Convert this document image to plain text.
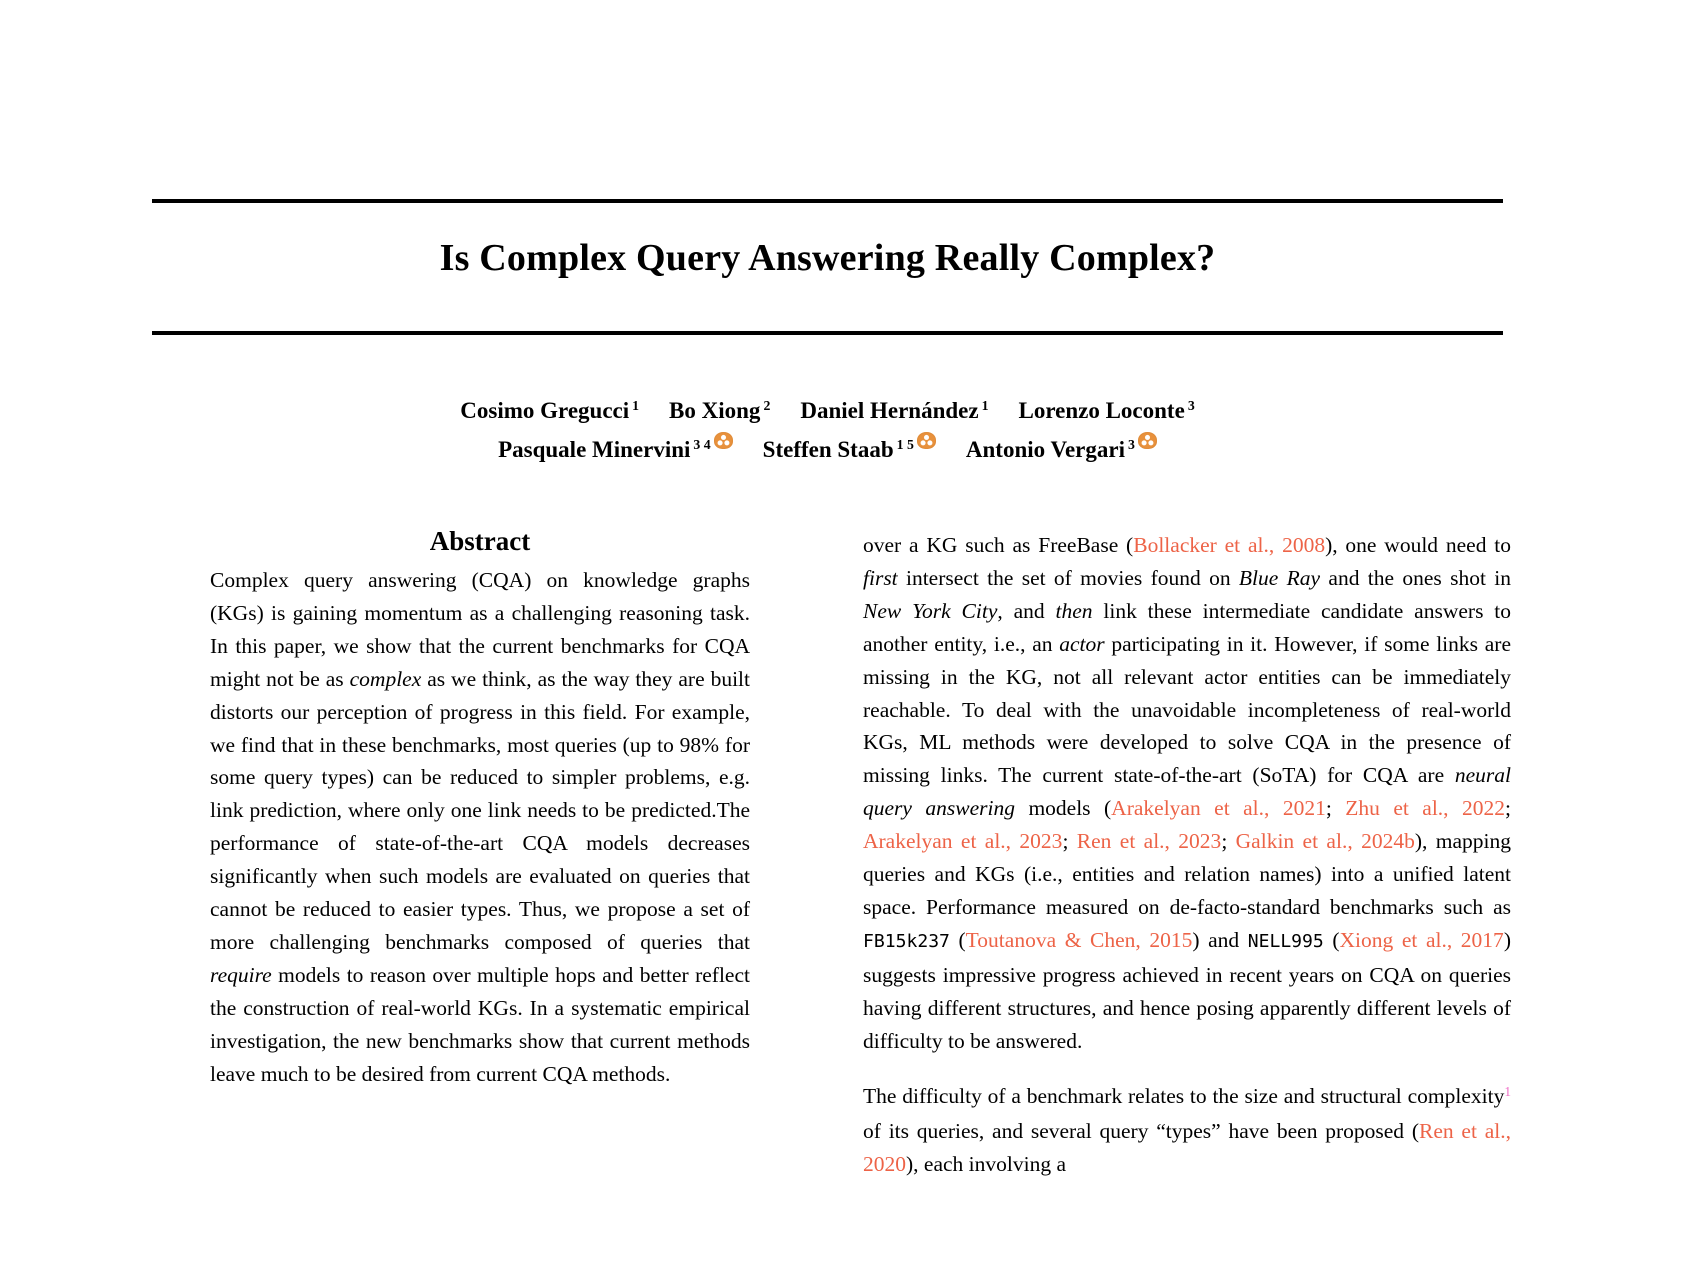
Is Complex Query Answering Really Complex?
Cosimo Gregucci $^1$ Bo Xiong $^2$ Daniel Hernández $^1$ Lorenzo Loconte $^3$
Pasquale Minervini $^{3 4}$ Steffen Staab $^{1 5}$ Antonio Vergari $^3$
Abstract

Complex query answering (CQA) on knowledge graphs (KGs) is gaining momentum as a challenging reasoning task. In this paper, we show that the current benchmarks for CQA might not be as complex as we think, as the way they are built distorts our perception of progress in this field. For example, we find that in these benchmarks, most queries (up to 98% for some query types) can be reduced to simpler problems, e.g. link prediction, where only one link needs to be predicted.The performance of state-of-the-art CQA models decreases significantly when such models are evaluated on queries that cannot be reduced to easier types. Thus, we propose a set of more challenging benchmarks composed of queries that require models to reason over multiple hops and better reflect the construction of real-world KGs. In a systematic empirical investigation, the new benchmarks show that current methods leave much to be desired from current CQA methods.

over a KG such as FreeBase (Bollacker et al., 2008), one would need to first intersect the set of movies found on Blue Ray and the ones shot in New York City, and then link these intermediate candidate answers to another entity, i.e., an actor participating in it. However, if some links are missing in the KG, not all relevant actor entities can be immediately reachable. To deal with the unavoidable incompleteness of real-world KGs, ML methods were developed to solve CQA in the presence of missing links. The current state-of-the-art (SoTA) for CQA are neural query answering models (Arakelyan et al., 2021; Zhu et al., 2022; Arakelyan et al., 2023; Ren et al., 2023; Galkin et al., 2024b), mapping queries and KGs (i.e., entities and relation names) into a unified latent space. Performance measured on de-facto-standard benchmarks such as FB15k237 (Toutanova & Chen, 2015) and NELL995 (Xiong et al., 2017) suggests impressive progress achieved in recent years on CQA on queries having different structures, and hence posing apparently different levels of difficulty to be answered.

The difficulty of a benchmark relates to the size and structural complexity$^1$ of its queries, and several query “types” have been proposed (Ren et al., 2020), each involving a
